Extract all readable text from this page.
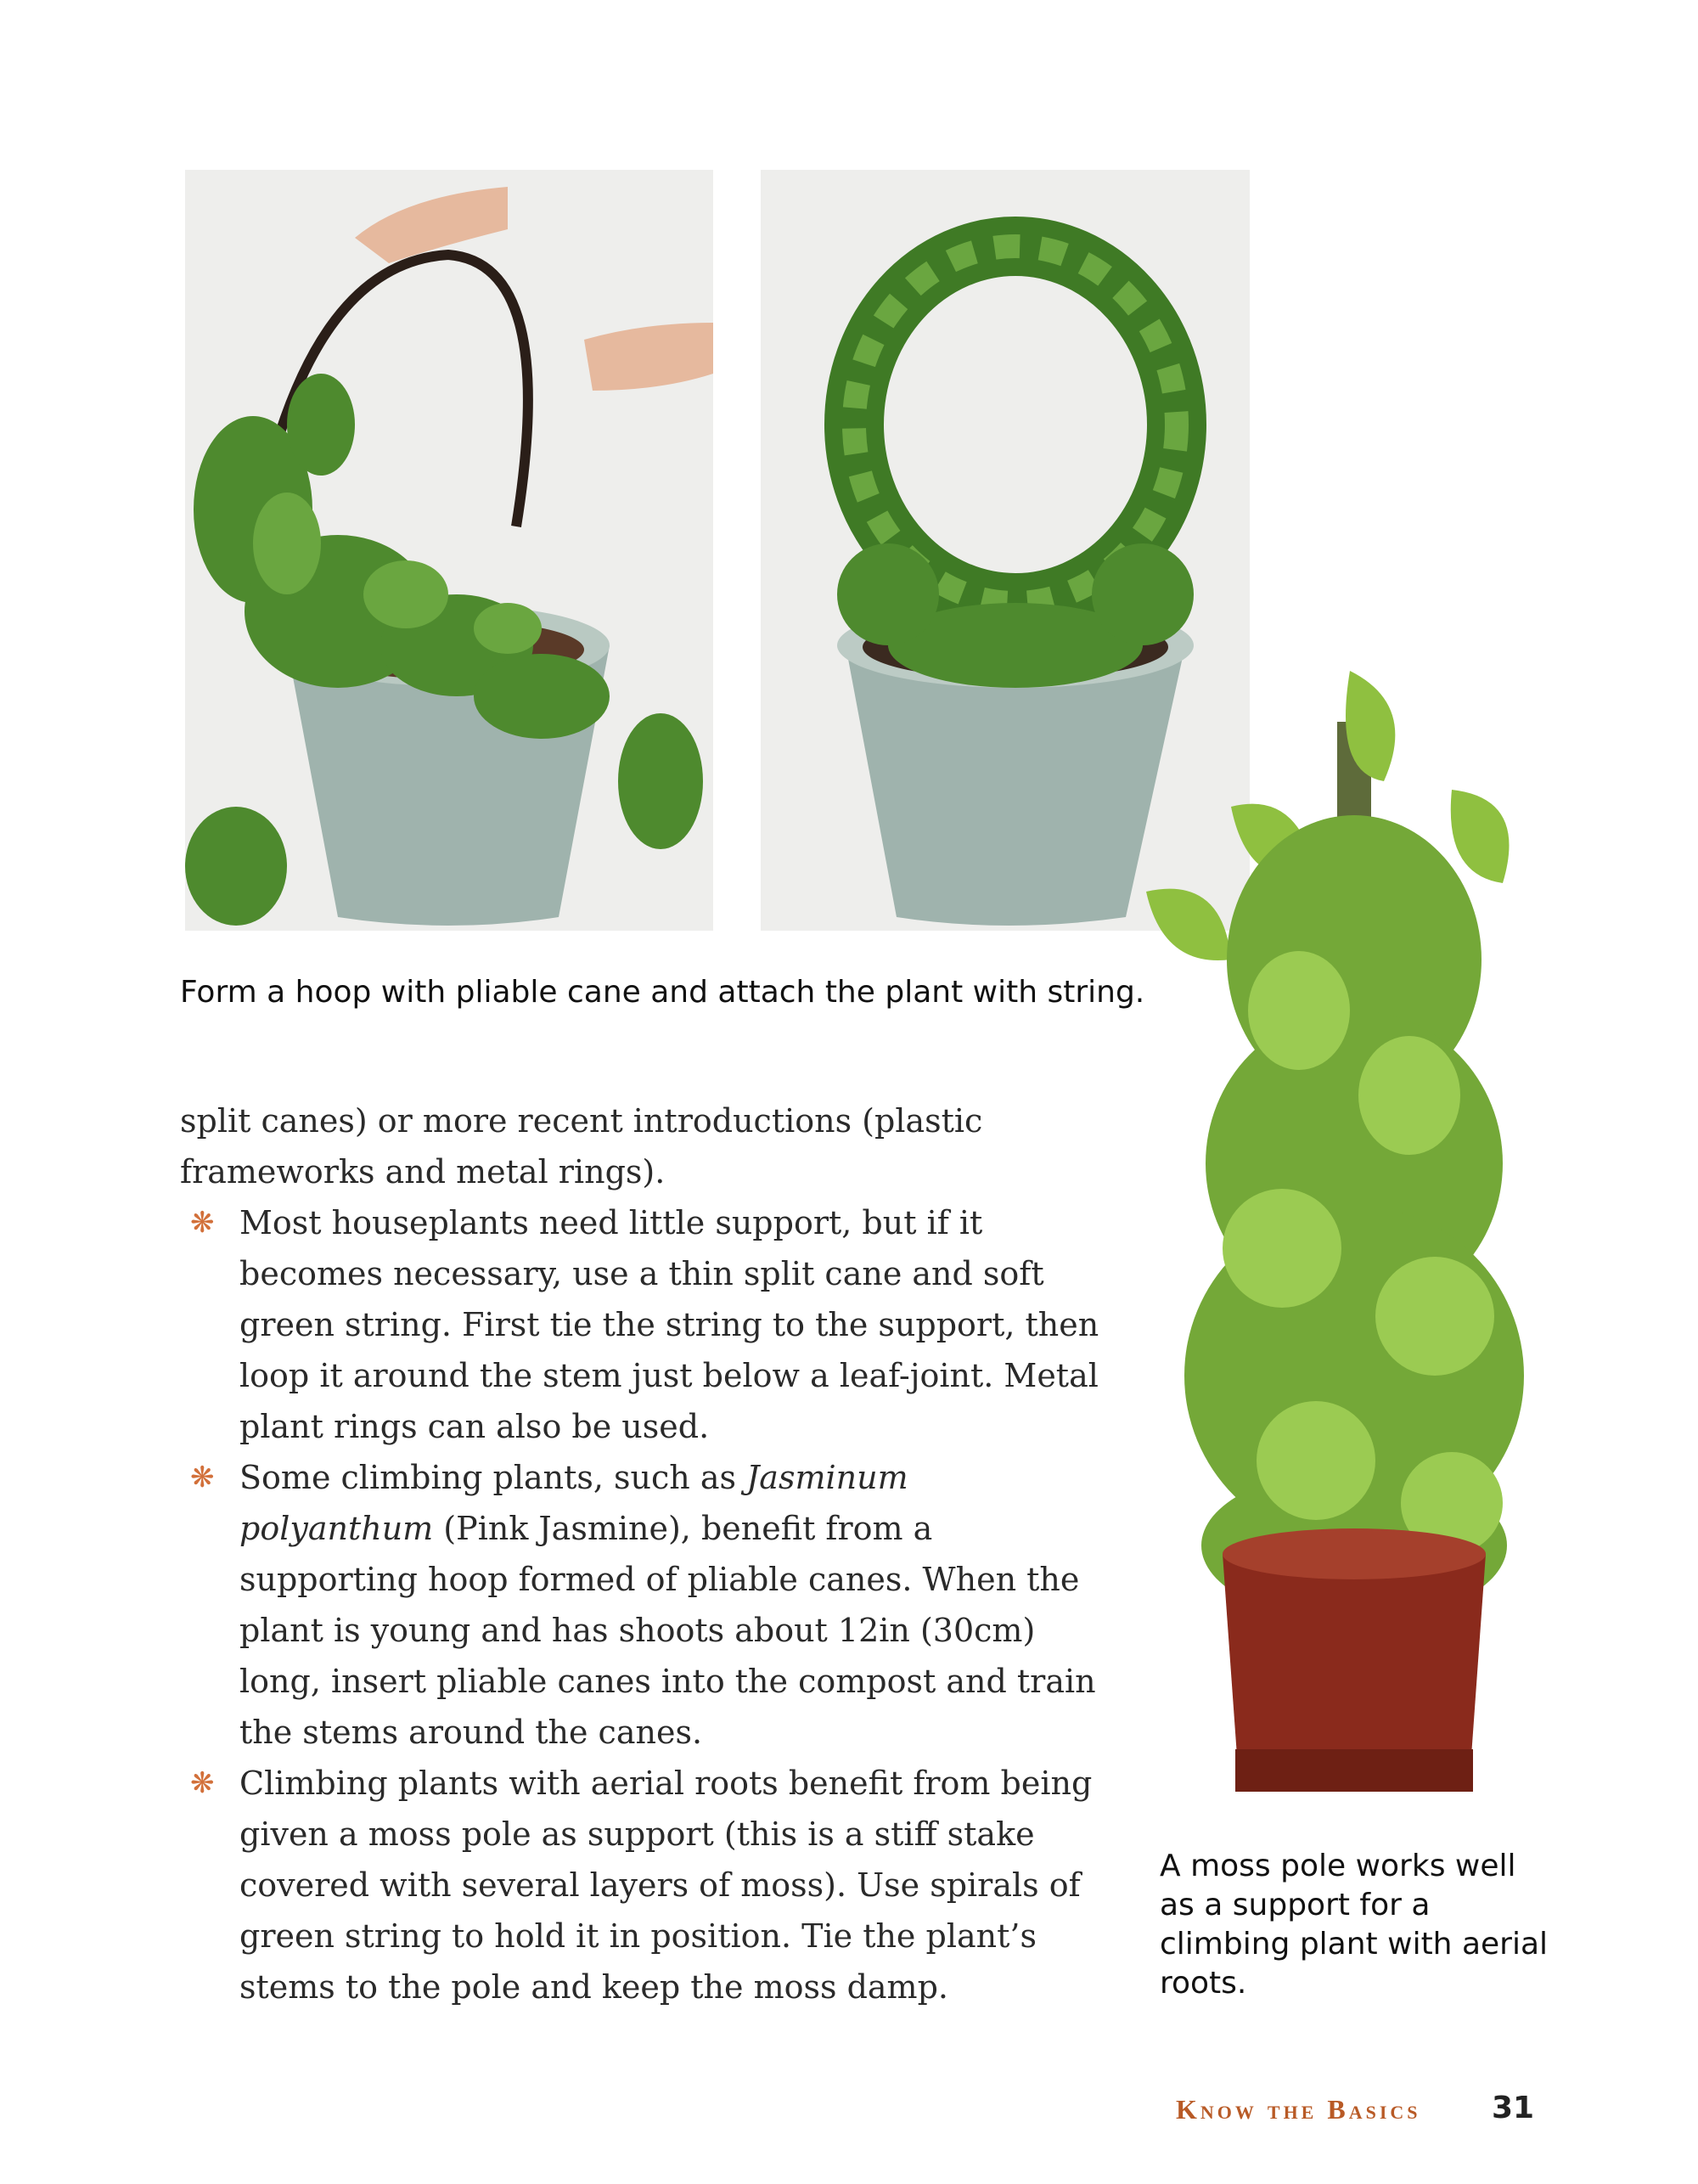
Form a hoop with pliable cane and attach the plant with string.
split canes) or more recent introductions (plastic frameworks and metal rings).
❋ Most houseplants need little support, but if it becomes necessary, use a thin split cane and soft green string. First tie the string to the support, then loop it around the stem just below a leaf-joint. Metal plant rings can also be used.
❋ Some climbing plants, such as Jasminum polyanthum (Pink Jasmine), benefit from a supporting hoop formed of pliable canes. When the plant is young and has shoots about 12in (30cm) long, insert pliable canes into the compost and train the stems around the canes.
❋ Climbing plants with aerial roots benefit from being given a moss pole as support (this is a stiff stake covered with several layers of moss). Use spirals of green string to hold it in position. Tie the plant’s stems to the pole and keep the moss damp.
A moss pole works well as a support for a climbing plant with aerial roots.
Know the Basics 31
